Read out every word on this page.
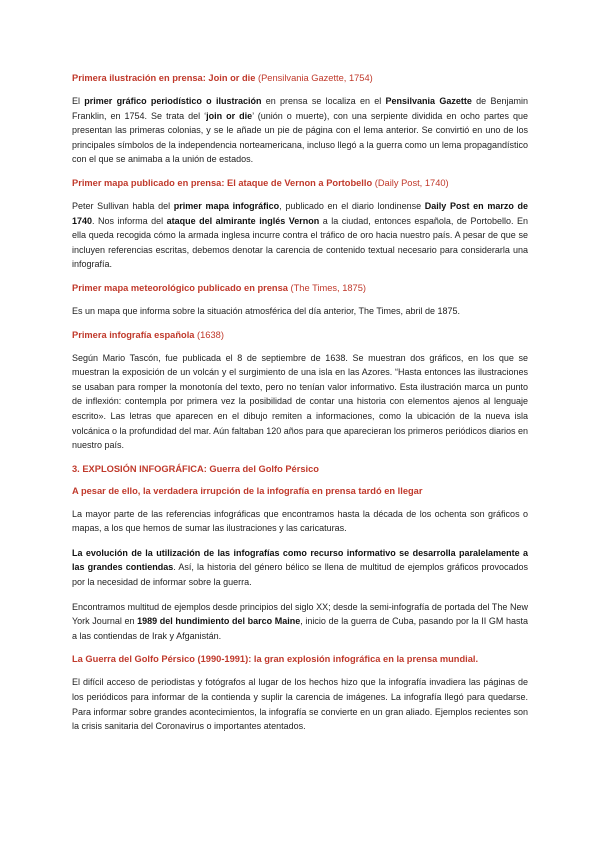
Primera ilustración en prensa: Join or die (Pensilvania Gazette, 1754)

El primer gráfico periodístico o ilustración en prensa se localiza en el Pensilvania Gazette de Benjamin Franklin, en 1754. Se trata del ‘join or die’ (unión o muerte), con una serpiente dividida en ocho partes que presentan las primeras colonias, y se le añade un pie de página con el lema anterior. Se convirtió en uno de los principales símbolos de la independencia norteamericana, incluso llegó a la guerra como un lema propagandístico con el que se animaba a la unión de estados.

Primer mapa publicado en prensa: El ataque de Vernon a Portobello (Daily Post, 1740)

Peter Sullivan habla del primer mapa infográfico, publicado en el diario londinense Daily Post en marzo de 1740. Nos informa del ataque del almirante inglés Vernon a la ciudad, entonces española, de Portobello. En ella queda recogida cómo la armada inglesa incurre contra el tráfico de oro hacia nuestro país. A pesar de que se incluyen referencias escritas, debemos denotar la carencia de contenido textual necesario para considerarla una infografía.

Primer mapa meteorológico publicado en prensa (The Times, 1875)

Es un mapa que informa sobre la situación atmosférica del día anterior, The Times, abril de 1875.

Primera infografía española (1638)

Según Mario Tascón, fue publicada el 8 de septiembre de 1638. Se muestran dos gráficos, en los que se muestran la exposición de un volcán y el surgimiento de una isla en las Azores. “Hasta entonces las ilustraciones se usaban para romper la monotonía del texto, pero no tenían valor informativo. Esta ilustración marca un punto de inflexión: contempla por primera vez la posibilidad de contar una historia con elementos ajenos al lenguaje escrito». Las letras que aparecen en el dibujo remiten a informaciones, como la ubicación de la nueva isla volcánica o la profundidad del mar. Aún faltaban 120 años para que aparecieran los primeros periódicos diarios en nuestro país.

3. EXPLOSIÓN INFOGRÁFICA: Guerra del Golfo Pérsico
A pesar de ello, la verdadera irrupción de la infografía en prensa tardó en llegar

La mayor parte de las referencias infográficas que encontramos hasta la década de los ochenta son gráficos o mapas, a los que hemos de sumar las ilustraciones y las caricaturas.

La evolución de la utilización de las infografías como recurso informativo se desarrolla paralelamente a las grandes contiendas. Así, la historia del género bélico se llena de multitud de ejemplos gráficos provocados por la necesidad de informar sobre la guerra.

Encontramos multitud de ejemplos desde principios del siglo XX; desde la semi-infografía de portada del The New York Journal en 1989 del hundimiento del barco Maine, inicio de la guerra de Cuba, pasando por la II GM hasta a las contiendas de Irak y Afganistán.

La Guerra del Golfo Pérsico (1990-1991): la gran explosión infográfica en la prensa mundial.

El difícil acceso de periodistas y fotógrafos al lugar de los hechos hizo que la infografía invadiera las páginas de los periódicos para informar de la contienda y suplir la carencia de imágenes. La infografía llegó para quedarse. Para informar sobre grandes acontecimientos, la infografía se convierte en un gran aliado. Ejemplos recientes son la crisis sanitaria del Coronavirus o importantes atentados.
